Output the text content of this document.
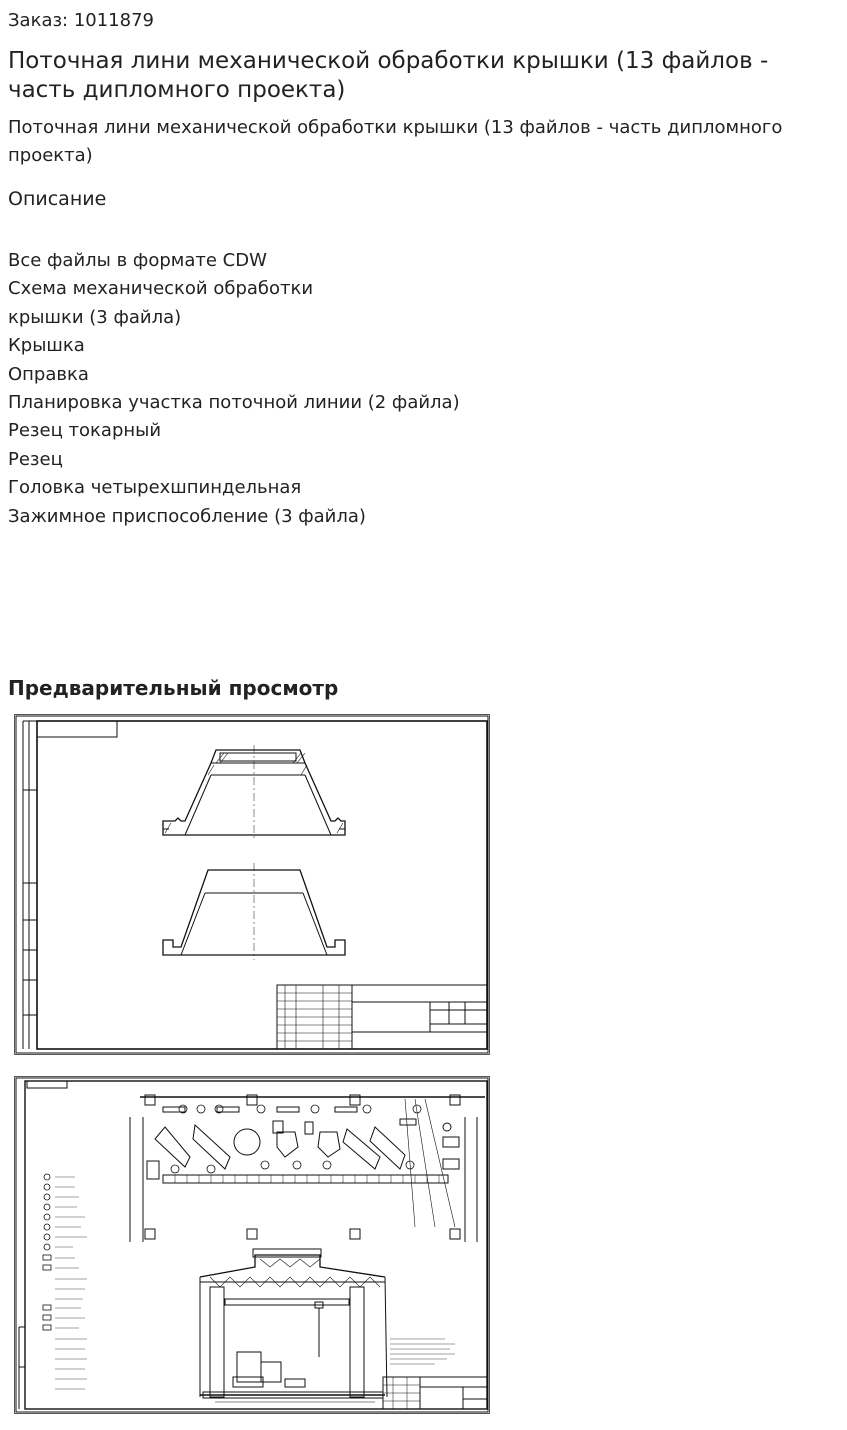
Заказ: 1011879
Поточная лини механической обработки крышки (13 файлов - часть дипломного проекта)
Поточная лини механической обработки крышки (13 файлов - часть дипломного проекта)
Описание
Все файлы в формате CDW
Схема механической обработки
крышки (3 файла)
Крышка
Оправка
Планировка участка поточной линии (2 файла)
Резец токарный
Резец
Головка четырехшпиндельная
Зажимное приспособление (3 файла)
Предварительный просмотр
